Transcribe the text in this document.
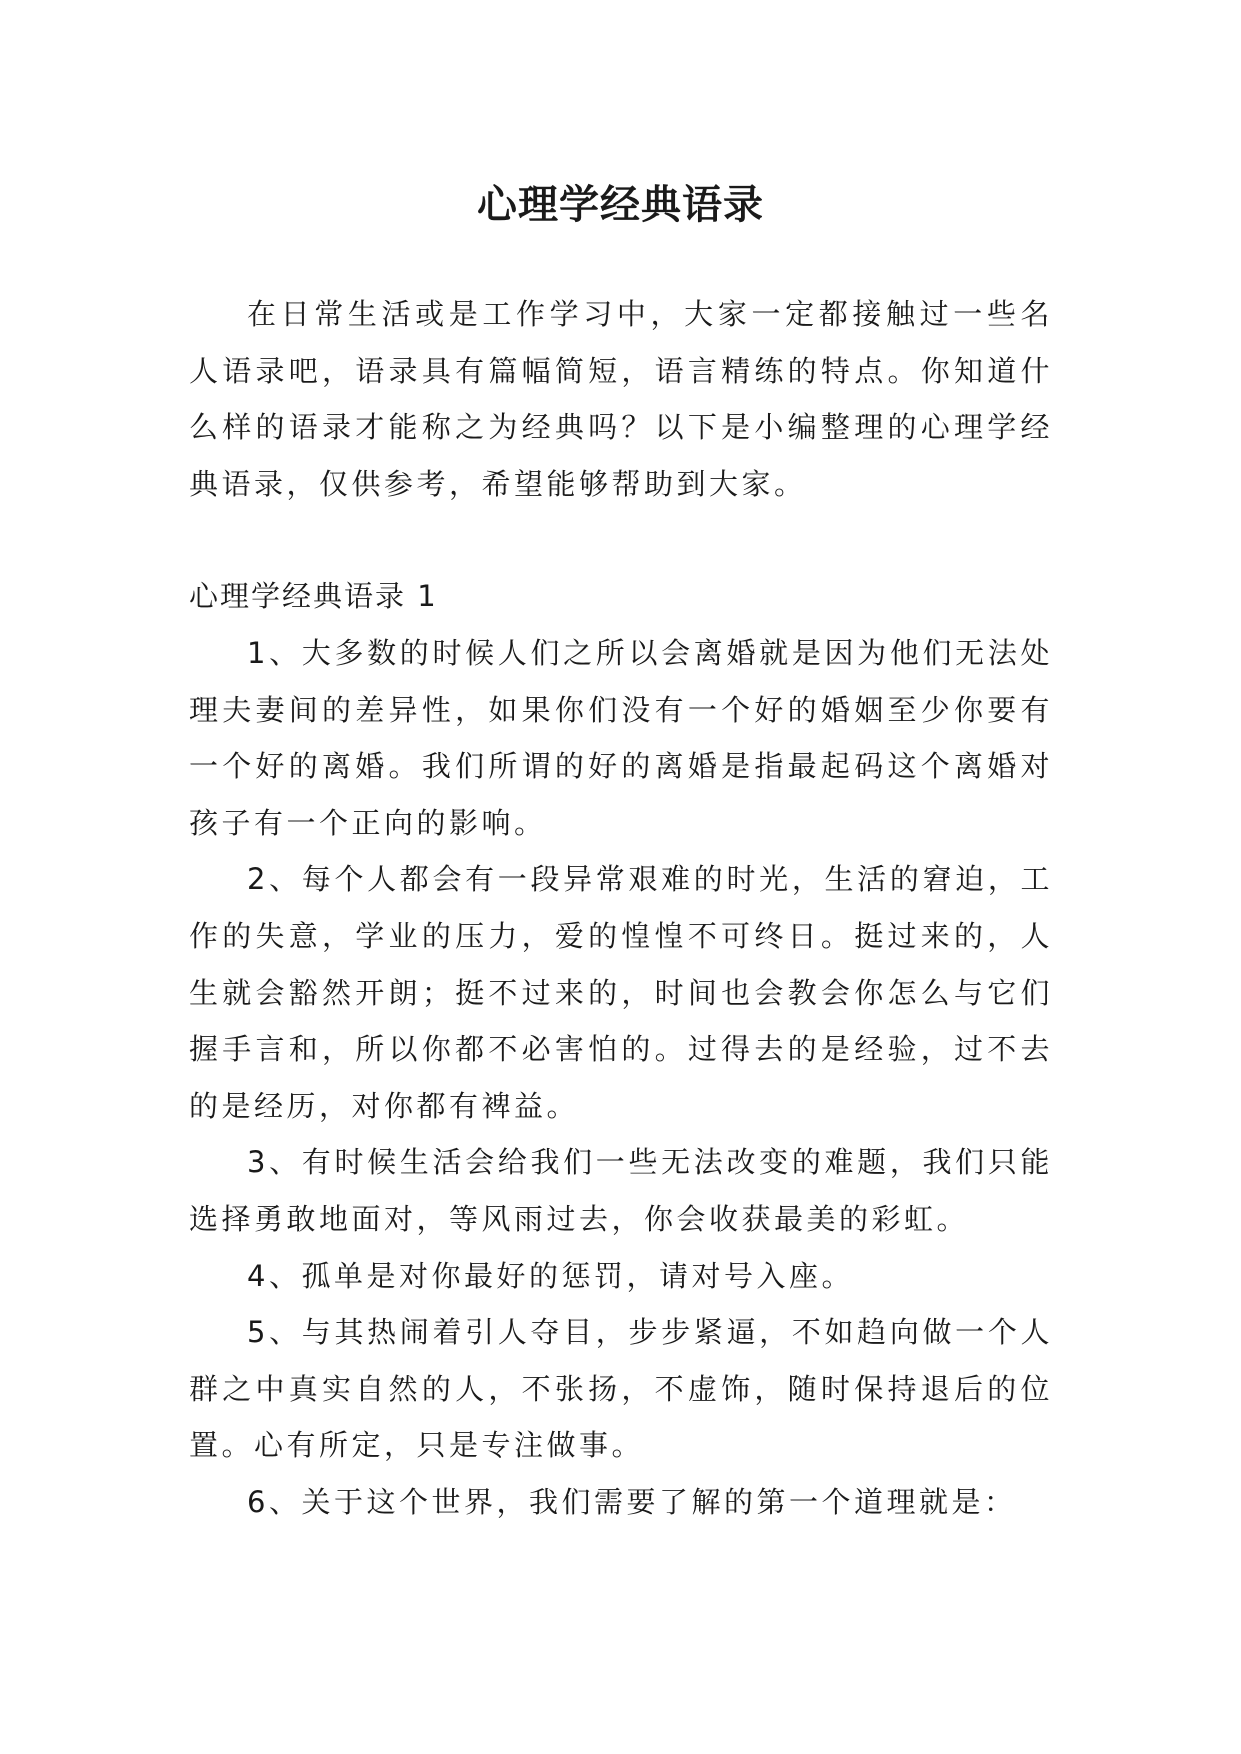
心理学经典语录

在日常生活或是工作学习中，大家一定都接触过一些名人语录吧，语录具有篇幅简短，语言精练的特点。你知道什么样的语录才能称之为经典吗？以下是小编整理的心理学经典语录，仅供参考，希望能够帮助到大家。

心理学经典语录 1

1、大多数的时候人们之所以会离婚就是因为他们无法处理夫妻间的差异性，如果你们没有一个好的婚姻至少你要有一个好的离婚。我们所谓的好的离婚是指最起码这个离婚对孩子有一个正向的影响。

2、每个人都会有一段异常艰难的时光，生活的窘迫，工作的失意，学业的压力，爱的惶惶不可终日。挺过来的，人生就会豁然开朗；挺不过来的，时间也会教会你怎么与它们握手言和，所以你都不必害怕的。过得去的是经验，过不去的是经历，对你都有裨益。

3、有时候生活会给我们一些无法改变的难题，我们只能选择勇敢地面对，等风雨过去，你会收获最美的彩虹。

4、孤单是对你最好的惩罚，请对号入座。

5、与其热闹着引人夺目，步步紧逼，不如趋向做一个人群之中真实自然的人，不张扬，不虚饰，随时保持退后的位置。心有所定，只是专注做事。

6、关于这个世界，我们需要了解的第一个道理就是：
